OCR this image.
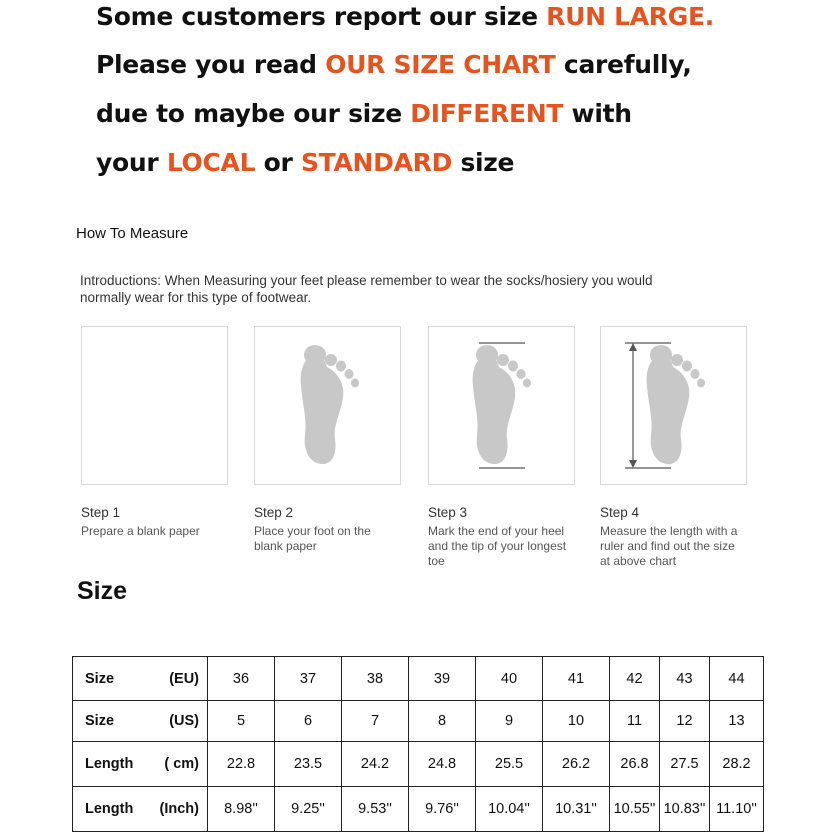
Some customers report our size RUN LARGE.
Please you read OUR SIZE CHART carefully,
due to maybe our size DIFFERENT with
your LOCAL or STANDARD size
How To Measure
Introductions: When Measuring your feet please remember to wear the socks/hosiery you would
normally wear for this type of footwear.
Step 1
Prepare a blank paper
Step 2
Place your foot on the
blank paper
Step 3
Mark the end of your heel
and the tip of your longest
toe
Step 4
Measure the length with a
ruler and find out the size
at above chart
Size
Size (EU)	36	37	38	39	40	41	42	43	44

Size (US)	5	6	7	8	9	10	11	12	13

Length ( cm)	22.8	23.5	24.2	24.8	25.5	26.2	26.8	27.5	28.2

Length (Inch)	8.98''	9.25''	9.53''	9.76''	10.04''	10.31''	10.55''	10.83''	11.10''
